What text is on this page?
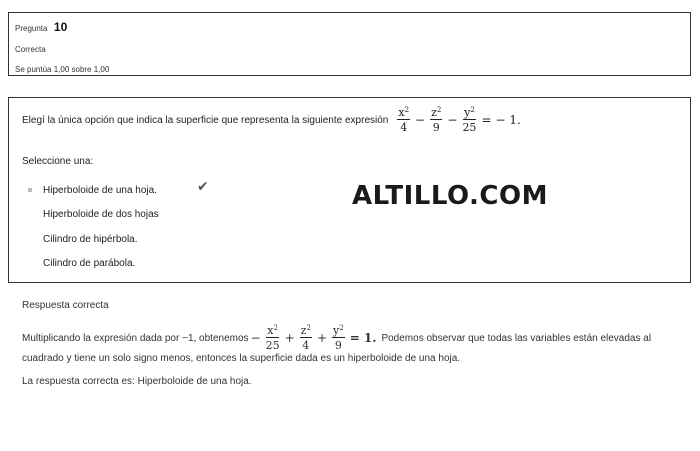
Pregunta 10
Correcta
Se puntúa 1,00 sobre 1,00
Elegí la única opción que indica la superficie que representa la siguiente expresión $\frac{x^2}{4} - \frac{z^2}{9} - \frac{y^2}{25}$ = − 1.
Seleccione una:
Hiperboloide de una hoja.
Hiperboloide de dos hojas
Cilindro de hipérbola.
Cilindro de parábola.
✔	ALTILLO.COM
Respuesta correcta
Multiplicando la expresión dada por −1, obtenemos − $\frac{x^2}{25} + \frac{z^2}{4} + \frac{y^2}{9} = 1$. Podemos observar que todas las variables están elevadas al
cuadrado y tiene un solo signo menos, entonces la superficie dada es un hiperboloide de una hoja.
La respuesta correcta es: Hiperboloide de una hoja.
